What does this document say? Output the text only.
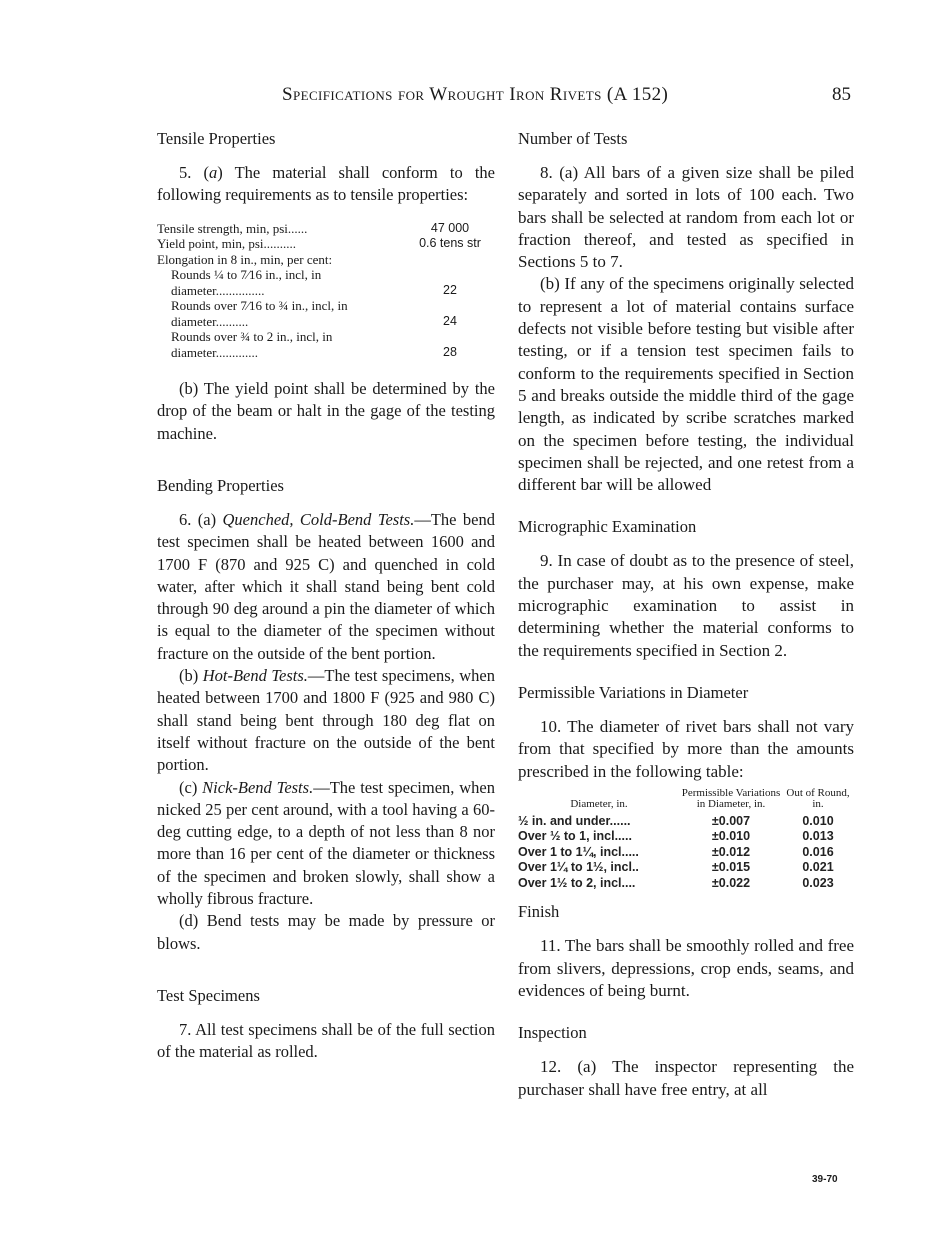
Specifications for Wrought Iron Rivets (A 152)	85
Tensile Properties

5. (a) The material shall conform to the following requirements as to tensile properties:

Tensile strength, min, psi......	47 000
Yield point, min, psi..........	0.6 tens str
Elongation in 8 in., min, per cent:	
Rounds ¼ to 7⁄16 in., incl, in diameter...............	22
Rounds over 7⁄16 to ¾ in., incl, in diameter..........	24
Rounds over ¾ to 2 in., incl, in diameter.............	28

(b) The yield point shall be determined by the drop of the beam or halt in the gage of the testing machine.

Bending Properties

6. (a) Quenched, Cold-Bend Tests.—The bend test specimen shall be heated between 1600 and 1700 F (870 and 925 C) and quenched in cold water, after which it shall stand being bent cold through 90 deg around a pin the diameter of which is equal to the diameter of the specimen without fracture on the outside of the bent portion.

(b) Hot-Bend Tests.—The test specimens, when heated between 1700 and 1800 F (925 and 980 C) shall stand being bent through 180 deg flat on itself without fracture on the outside of the bent portion.

(c) Nick-Bend Tests.—The test specimen, when nicked 25 per cent around, with a tool having a 60-deg cutting edge, to a depth of not less than 8 nor more than 16 per cent of the diameter or thickness of the specimen and broken slowly, shall show a wholly fibrous fracture.

(d) Bend tests may be made by pressure or blows.

Test Specimens

7. All test specimens shall be of the full section of the material as rolled.

Number of Tests

8. (a) All bars of a given size shall be piled separately and sorted in lots of 100 each. Two bars shall be selected at random from each lot or fraction thereof, and tested as specified in Sections 5 to 7.

(b) If any of the specimens originally selected to represent a lot of material contains surface defects not visible before testing but visible after testing, or if a tension test specimen fails to conform to the requirements specified in Section 5 and breaks outside the middle third of the gage length, as indicated by scribe scratches marked on the specimen before testing, the individual specimen shall be rejected, and one retest from a different bar will be allowed

Micrographic Examination

9. In case of doubt as to the presence of steel, the purchaser may, at his own expense, make micrographic examination to assist in determining whether the material conforms to the requirements specified in Section 2.

Permissible Variations in Diameter

10. The diameter of rivet bars shall not vary from that specified by more than the amounts prescribed in the following table:

Diameter, in.	Permissible Variations in Diameter, in.	Out of Round, in.
½ in. and under......	±0.007	0.010
Over ½ to 1, incl.....	±0.010	0.013
Over 1 to 1¼, incl.....	±0.012	0.016
Over 1¼ to 1½, incl..	±0.015	0.021
Over 1½ to 2, incl....	±0.022	0.023
Finish

11. The bars shall be smoothly rolled and free from slivers, depressions, crop ends, seams, and evidences of being burnt.

Inspection

12. (a) The inspector representing the purchaser shall have free entry, at all

39-70
